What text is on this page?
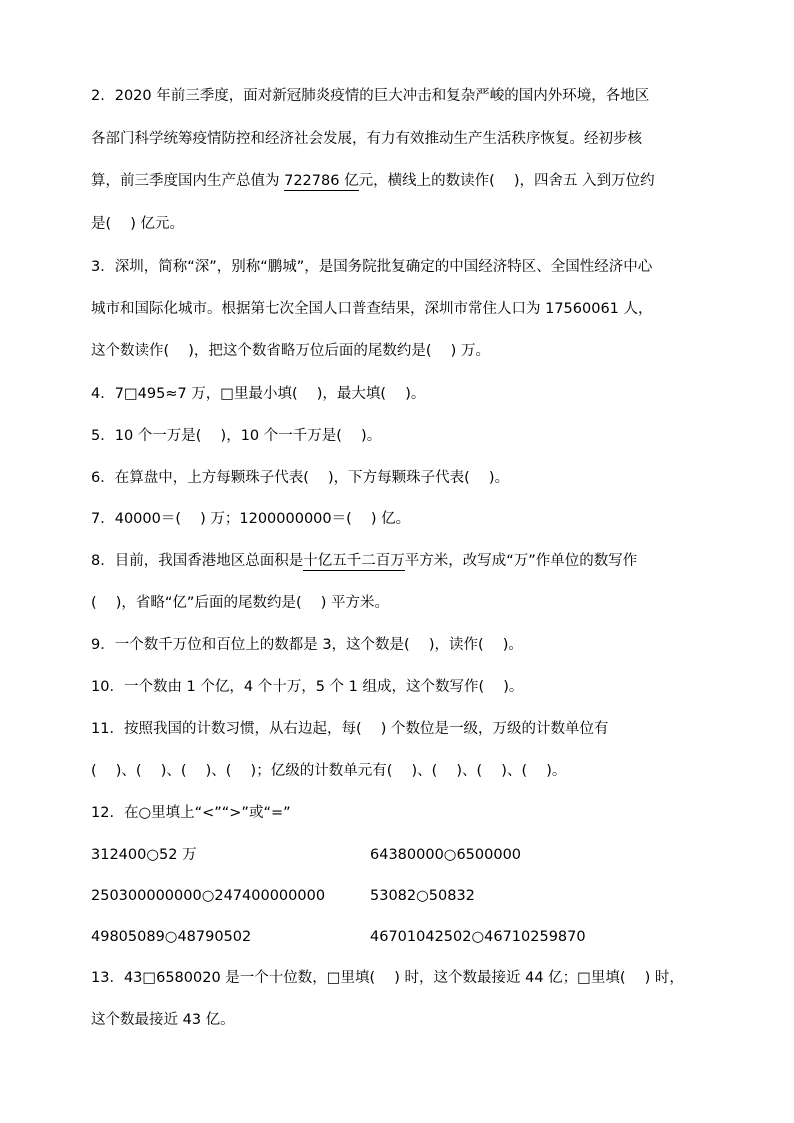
2．2020 年前三季度，面对新冠肺炎疫情的巨大冲击和复杂严峻的国内外环境，各地区
各部门科学统筹疫情防控和经济社会发展，有力有效推动生产生活秩序恢复。经初步核
算，前三季度国内生产总值为 722786 亿元，横线上的数读作(　 )，四舍五 入到万位约
是(　 ) 亿元。
3．深圳，简称“深”，别称“鹏城”，是国务院批复确定的中国经济特区、全国性经济中心
城市和国际化城市。根据第七次全国人口普查结果，深圳市常住人口为 17560061 人，
这个数读作(　 )，把这个数省略万位后面的尾数约是(　 ) 万。
4．7□495≈7 万，□里最小填(　 )，最大填(　 )。
5．10 个一万是(　 )，10 个一千万是(　 )。
6．在算盘中，上方每颗珠子代表(　 )，下方每颗珠子代表(　 )。
7．40000＝(　 ) 万；1200000000＝(　 ) 亿。
8．目前，我国香港地区总面积是十亿五千二百万平方米，改写成“万”作单位的数写作
(　 )，省略“亿”后面的尾数约是(　 ) 平方米。
9．一个数千万位和百位上的数都是 3，这个数是(　 )，读作(　 )。
10．一个数由 1 个亿，4 个十万，5 个 1 组成，这个数写作(　 )。
11．按照我国的计数习惯，从右边起，每(　 ) 个数位是一级，万级的计数单位有
(　 )、(　 )、(　 )、(　 )；亿级的计数单元有(　 )、(　 )、(　 )、(　 )。
12．在○里填上“<”“>”或“=”
312400○52 万	64380000○6500000
250300000000○247400000000	53082○50832
49805089○48790502	46701042502○46710259870
13．43□6580020 是一个十位数，□里填(　 ) 时，这个数最接近 44 亿；□里填(　 ) 时，
这个数最接近 43 亿。
